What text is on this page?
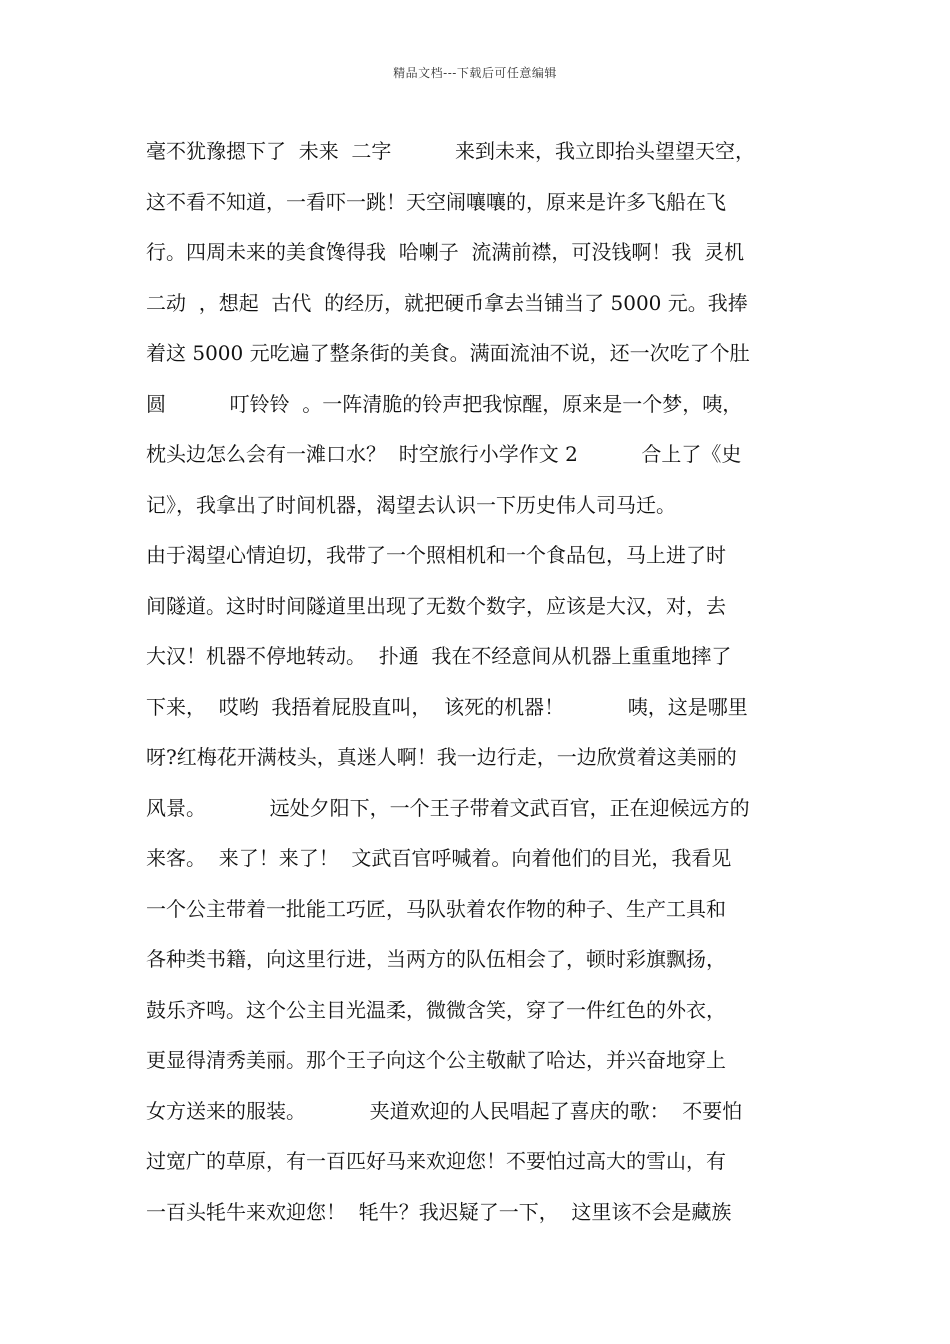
精品文档---下载后可任意编辑
毫不犹豫摁下了  未来  二字          来到未来，我立即抬头望望天空，
这不看不知道，一看吓一跳！天空闹嚷嚷的，原来是许多飞船在飞
行。四周未来的美食馋得我  哈喇子  流满前襟，可没钱啊！我  灵机
二动  ，想起  古代  的经历，就把硬币拿去当铺当了 5000 元。我捧
着这 5000 元吃遍了整条街的美食。满面流油不说，还一次吃了个肚
圆          叮铃铃  。一阵清脆的铃声把我惊醒，原来是一个梦，咦，
枕头边怎么会有一滩口水？  时空旅行小学作文 2          合上了《史
记》，我拿出了时间机器，渴望去认识一下历史伟人司马迁。
由于渴望心情迫切，我带了一个照相机和一个食品包，马上进了时
间隧道。这时时间隧道里出现了无数个数字，应该是大汉，对，去
大汉！机器不停地转动。  扑通  我在不经意间从机器上重重地摔了
下来，  哎哟  我捂着屁股直叫，  该死的机器！          咦，这是哪里
呀?红梅花开满枝头，真迷人啊！我一边行走，一边欣赏着这美丽的
风景。          远处夕阳下，一个王子带着文武百官，正在迎候远方的
来客。  来了！来了！  文武百官呼喊着。向着他们的目光，我看见
一个公主带着一批能工巧匠，马队驮着农作物的种子、生产工具和
各种类书籍，向这里行进，当两方的队伍相会了，顿时彩旗飘扬，
鼓乐齐鸣。这个公主目光温柔，微微含笑，穿了一件红色的外衣，
更显得清秀美丽。那个王子向这个公主敬献了哈达，并兴奋地穿上
女方送来的服装。          夹道欢迎的人民唱起了喜庆的歌：  不要怕
过宽广的草原，有一百匹好马来欢迎您！不要怕过高大的雪山，有
一百头牦牛来欢迎您！  牦牛？我迟疑了一下，  这里该不会是藏族
